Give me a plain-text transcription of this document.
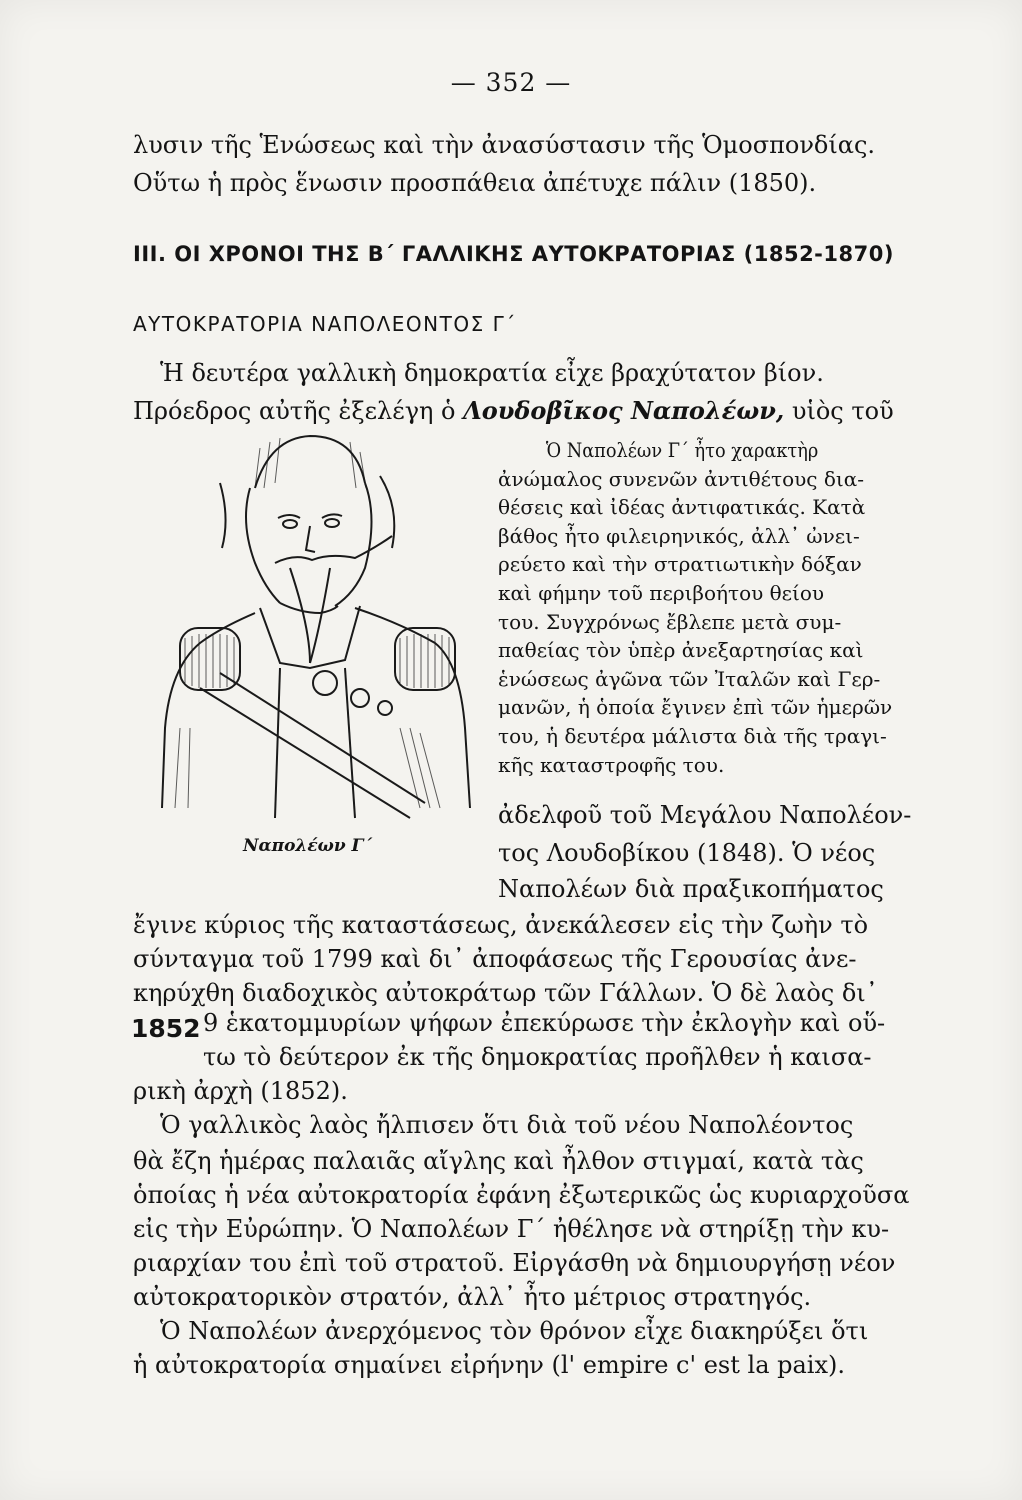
— 352 —
λυσιν τῆς Ἑνώσεως καὶ τὴν ἀνασύστασιν τῆς Ὁμοσπονδίας.
Οὕτω ἡ πρὸς ἕνωσιν προσπάθεια ἀπέτυχε πάλιν (1850).
ΙΙΙ. ΟΙ ΧΡΟΝΟΙ ΤΗΣ Β΄ ΓΑΛΛΙΚΗΣ ΑΥΤΟΚΡΑΤΟΡΙΑΣ (1852-1870)
ΑΥΤΟΚΡΑΤΟΡΙΑ ΝΑΠΟΛΕΟΝΤΟΣ Γ΄
Ἡ δευτέρα γαλλικὴ δημοκρατία εἶχε βραχύτατον βίον.
Πρόεδρος αὐτῆς ἐξελέγη ὁ Λουδοβῖκος Ναπολέων, υἱὸς τοῦ
Ναπολέων Γ΄
Ὁ Ναπολέων Γ΄ ἦτο χαρακτὴρ
ἀνώμαλος συνενῶν ἀντιθέτους δια-
θέσεις καὶ ἰδέας ἀντιφατικάς. Κατὰ
βάθος ἦτο φιλειρηνικός, ἀλλ᾽ ὠνει-
ρεύετο καὶ τὴν στρατιωτικὴν δόξαν
καὶ φήμην τοῦ περιβοήτου θείου
του. Συγχρόνως ἔβλεπε μετὰ συμ-
παθείας τὸν ὑπὲρ ἀνεξαρτησίας καὶ
ἑνώσεως ἀγῶνα τῶν Ἰταλῶν καὶ Γερ-
μανῶν, ἡ ὁποία ἔγινεν ἐπὶ τῶν ἡμερῶν
του, ἡ δευτέρα μάλιστα διὰ τῆς τραγι-
κῆς καταστροφῆς του.
ἀδελφοῦ τοῦ Μεγάλου Ναπολέον-
τος Λουδοβίκου (1848). Ὁ νέος
Ναπολέων διὰ πραξικοπήματος
ἔγινε κύριος τῆς καταστάσεως, ἀνεκάλεσεν εἰς τὴν ζωὴν τὸ
σύνταγμα τοῦ 1799 καὶ δι᾽ ἀποφάσεως τῆς Γερουσίας ἀνε-
κηρύχθη διαδοχικὸς αὐτοκράτωρ τῶν Γάλλων. Ὁ δὲ λαὸς δι᾽
1852 9 ἑκατομμυρίων ψήφων ἐπεκύρωσε τὴν ἐκλογὴν καὶ οὕ-
τω τὸ δεύτερον ἐκ τῆς δημοκρατίας προῆλθεν ἡ καισα-
ρικὴ ἀρχὴ (1852).
Ὁ γαλλικὸς λαὸς ἤλπισεν ὅτι διὰ τοῦ νέου Ναπολέοντος
θὰ ἔζη ἡμέρας παλαιᾶς αἴγλης καὶ ἦλθον στιγμαί, κατὰ τὰς
ὁποίας ἡ νέα αὐτοκρατορία ἐφάνη ἐξωτερικῶς ὡς κυριαρχοῦσα
εἰς τὴν Εὐρώπην. Ὁ Ναπολέων Γ΄ ἠθέλησε νὰ στηρίξῃ τὴν κυ-
ριαρχίαν του ἐπὶ τοῦ στρατοῦ. Εἰργάσθη νὰ δημιουργήσῃ νέον
αὐτοκρατορικὸν στρατόν, ἀλλ᾽ ἦτο μέτριος στρατηγός.
Ὁ Ναπολέων ἀνερχόμενος τὸν θρόνον εἶχε διακηρύξει ὅτι
ἡ αὐτοκρατορία σημαίνει εἰρήνην (l' empire c' est la paix).
